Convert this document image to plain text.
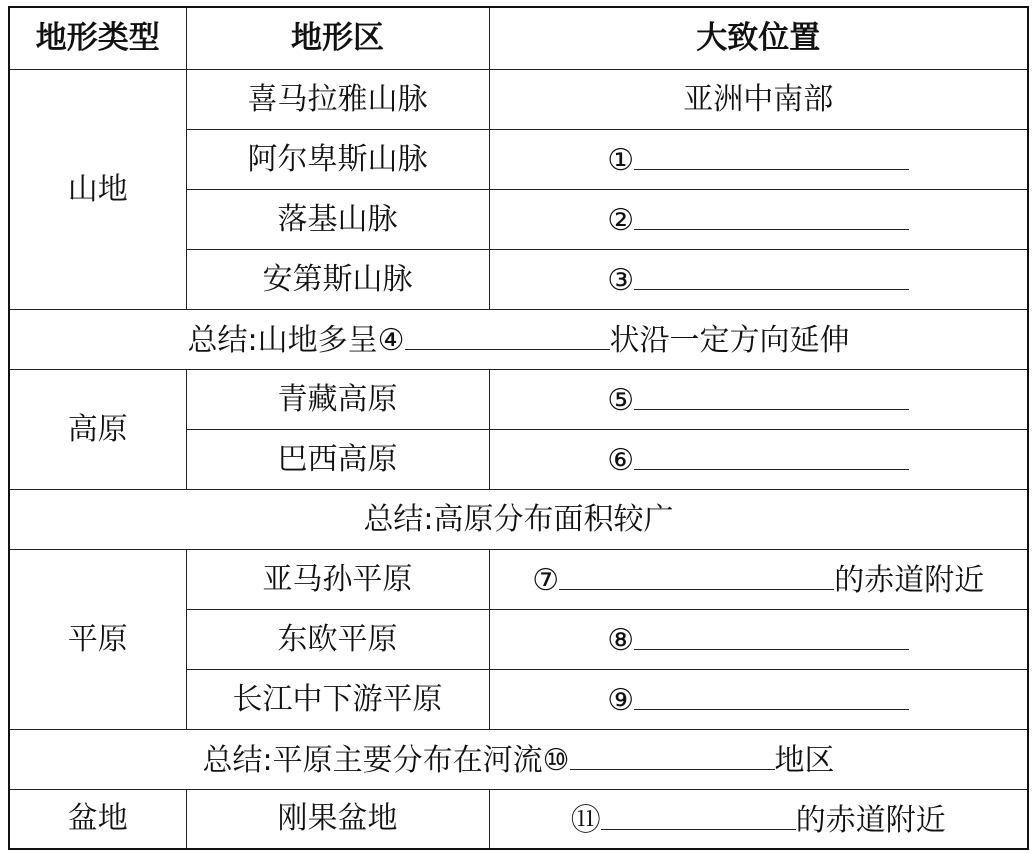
地形类型	地形区	大致位置
山地	喜马拉雅山脉	亚洲中南部
	阿尔卑斯山脉	①
	落基山脉	②
	安第斯山脉	③
总结:山地多呈④ 状沿一定方向延伸		
高原	青藏高原	⑤
	巴西高原	⑥
总结:高原分布面积较广		
平原	亚马孙平原	⑦ 的赤道附近
	东欧平原	⑧
	长江中下游平原	⑨
总结:平原主要分布在河流⑩ 地区		
盆地	刚果盆地	⑪ 的赤道附近
